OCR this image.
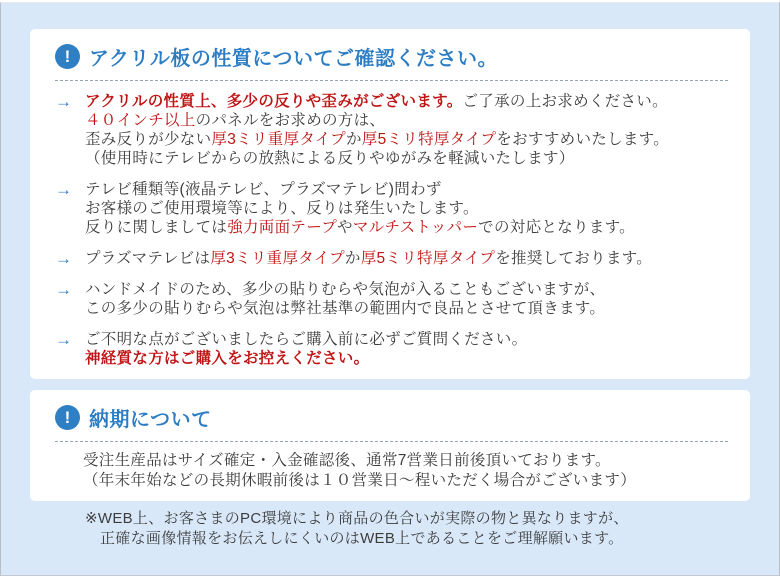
! アクリル板の性質についてご確認ください。
→ アクリルの性質上、多少の反りや歪みがございます。ご了承の上お求めください。
４０インチ以上のパネルをお求めの方は、
歪み反りが少ない厚3ミリ重厚タイプか厚5ミリ特厚タイプをおすすめいたします。
（使用時にテレビからの放熱による反りやゆがみを軽減いたします）
→ テレビ種類等(液晶テレビ、プラズマテレビ)問わず
お客様のご使用環境等により、反りは発生いたします。
反りに関しましては強力両面テープやマルチストッパーでの対応となります。
→ プラズマテレビは厚3ミリ重厚タイプか厚5ミリ特厚タイプを推奨しております。
→ ハンドメイドのため、多少の貼りむらや気泡が入ることもございますが、
この多少の貼りむらや気泡は弊社基準の範囲内で良品とさせて頂きます。
→ ご不明な点がございましたらご購入前に必ずご質問ください。
神経質な方はご購入をお控えください。
! 納期について
受注生産品はサイズ確定・入金確認後、通常7営業日前後頂いております。
（年末年始などの長期休暇前後は１０営業日～程いただく場合がございます）
※WEB上、お客さまのPC環境により商品の色合いが実際の物と異なりますが、
正確な画像情報をお伝えしにくいのはWEB上であることをご理解願います。
